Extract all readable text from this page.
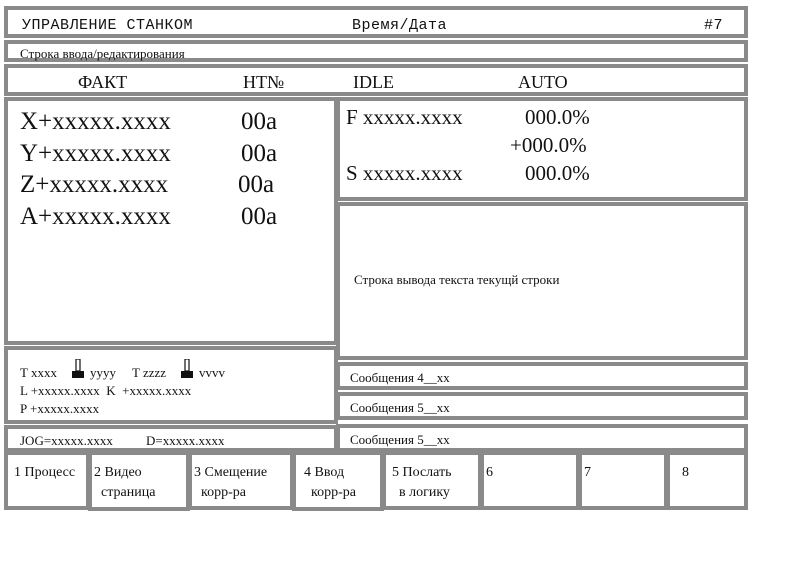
УПРАВЛЕНИЕ СТАНКОМ	Время/Дата	#7
Строка ввода/редактирования
ФАКТ	HT№	IDLE	AUTO
X+xxxxx.xxxx	00a
Y+xxxxx.xxxx	00a
Z+xxxxx.xxxx	00a
A+xxxxx.xxxx	00a
F xxxxx.xxxx	000.0%
+000.0%
S xxxxx.xxxx	000.0%
Строка вывода текста текущй строки
T xxxx	yyyy T zzzz	vvvv
L +xxxxx.xxxx  K  +xxxxx.xxxx
P +xxxxx.xxxx
Сообщения 4__xx
Сообщения 5__xx
Сообщения 5__xx
JOG=xxxxx.xxxx	D=xxxxx.xxxx
1 Процесс 2 Видео
страница
3 Смещение
корр-ра
4 Ввод
корр-ра
5 Послать
в логику
6	7	8
